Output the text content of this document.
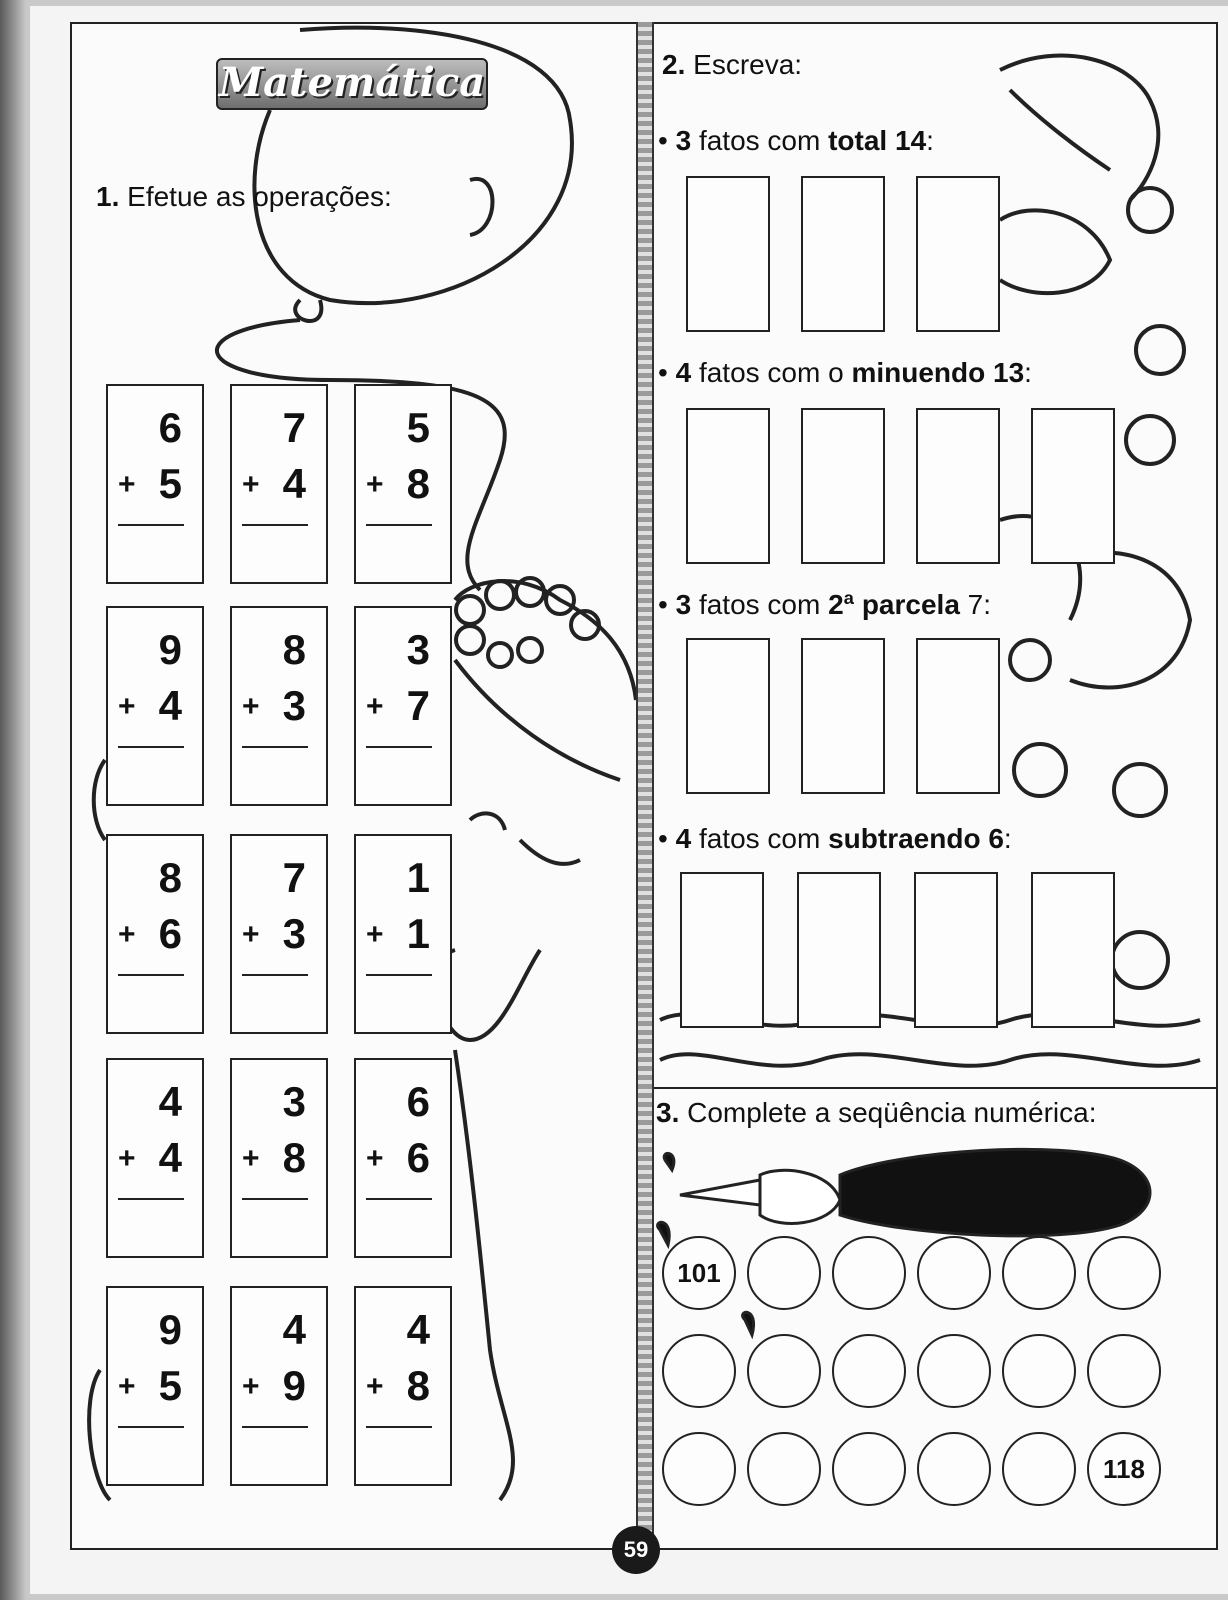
Matemática
1. Efetue as operações:
6
+ 5
7
+ 4
5
+ 8
9
+ 4
8
+ 3
3
+ 7
8
+ 6
7
+ 3
1
+ 1
4
+ 4
3
+ 8
6
+ 6
9
+ 5
4
+ 9
4
+ 8
2. Escreva:
• 3 fatos com total 14:
• 4 fatos com o minuendo 13:
• 3 fatos com 2ª parcela 7:
• 4 fatos com subtraendo 6:
3. Complete a seqüência numérica:
101
118
59
